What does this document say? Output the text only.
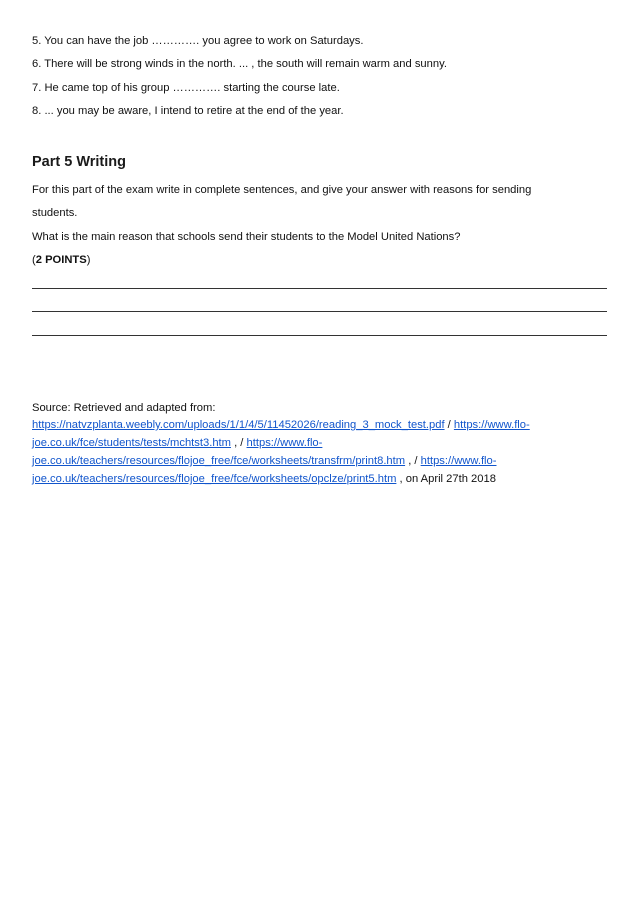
5. You can have the job …………. you agree to work on Saturdays.
6. There will be strong winds in the north. ... , the south will remain warm and sunny.
7. He came top of his group …………. starting the course late.
8. ... you may be aware, I intend to retire at the end of the year.
Part 5 Writing
For this part of the exam write in complete sentences, and give your answer with reasons for sending
students.
What is the main reason that schools send their students to the Model United Nations?
(2 POINTS)
Source: Retrieved and adapted from:
https://natvzplanta.weebly.com/uploads/1/1/4/5/11452026/reading_3_mock_test.pdf / https://www.flo-
joe.co.uk/fce/students/tests/mchtst3.htm , / https://www.flo-
joe.co.uk/teachers/resources/flojoe_free/fce/worksheets/transfrm/print8.htm , / https://www.flo-
joe.co.uk/teachers/resources/flojoe_free/fce/worksheets/opclze/print5.htm , on April 27th 2018
